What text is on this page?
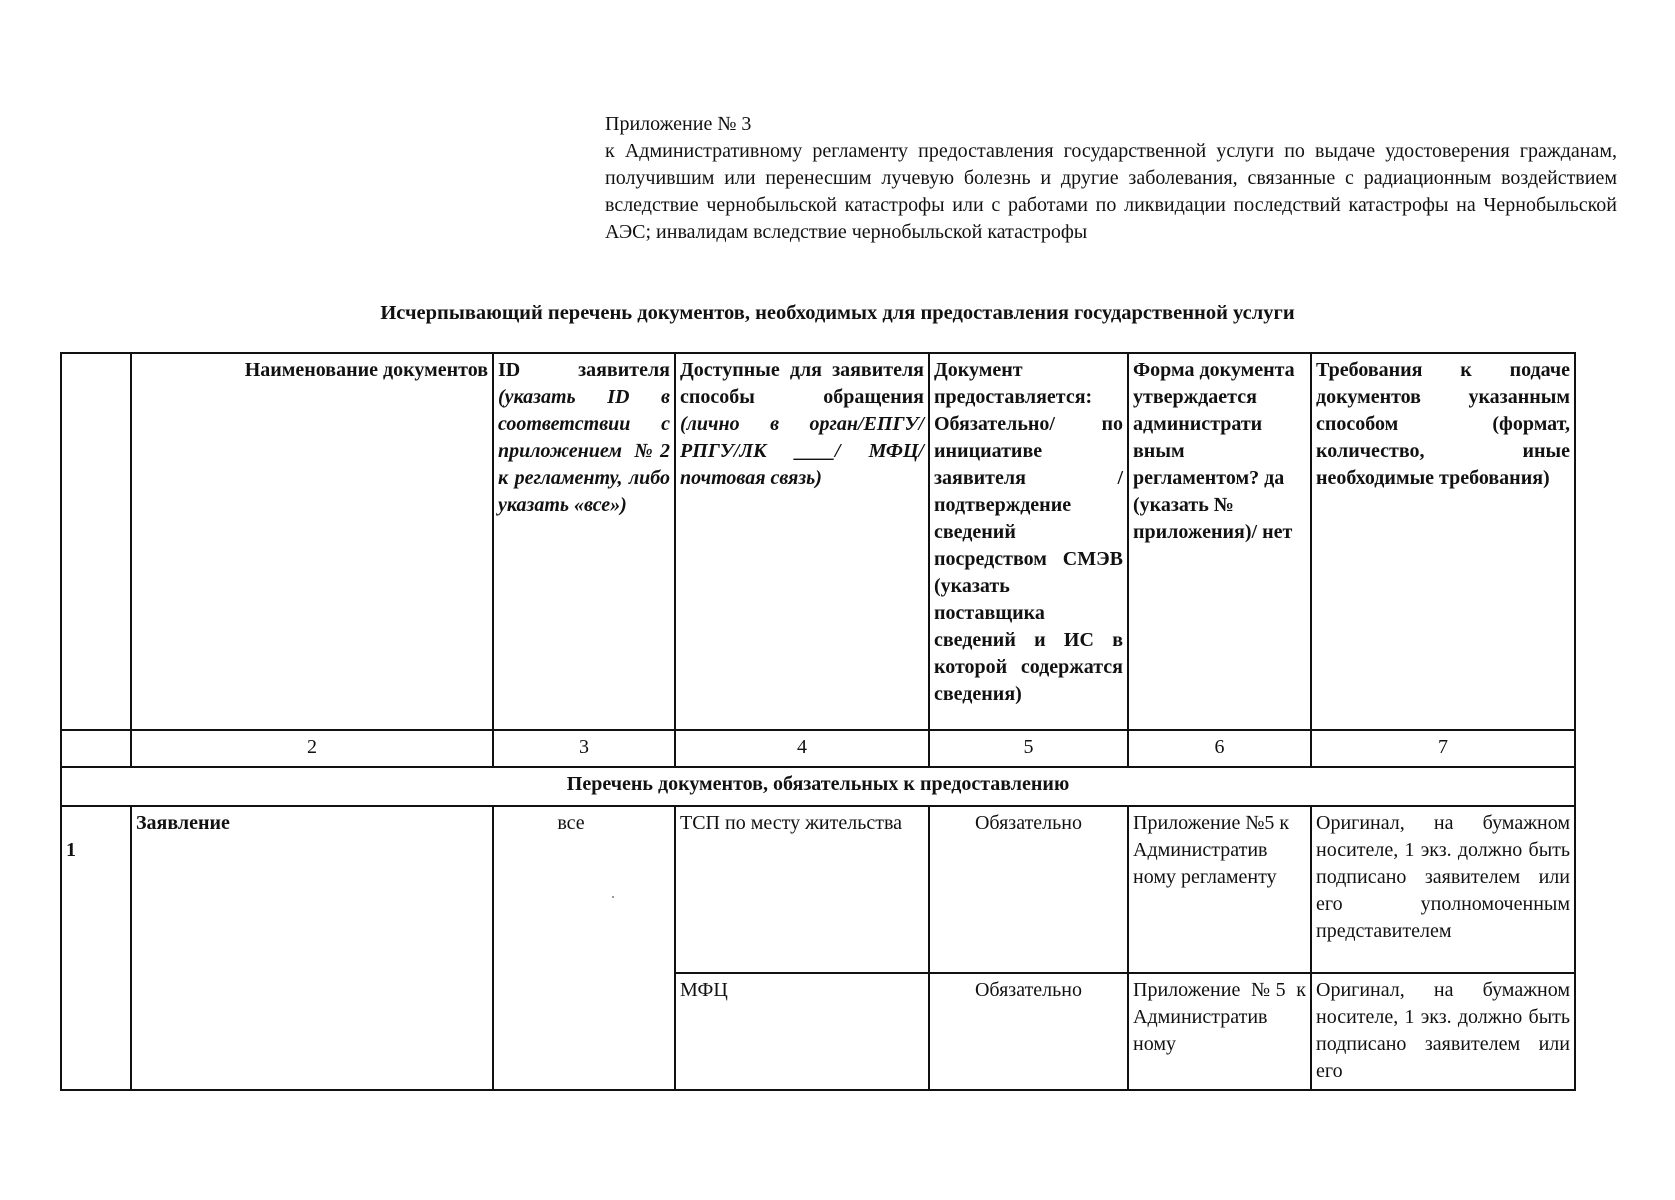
Приложение № 3
к Административному регламенту предоставления государственной услуги по выдаче удостоверения гражданам, получившим или перенесшим лучевую болезнь и другие заболевания, связанные с радиационным воздействием вследствие чернобыльской катастрофы или с работами по ликвидации последствий катастрофы на Чернобыльской АЭС; инвалидам вследствие чернобыльской катастрофы
Исчерпывающий перечень документов, необходимых для предоставления государственной услуги
	Наименование документов	ID заявителя (указать ID в соответствии с приложением №2 к регламенту, либо указать «все»)	Доступные для заявителя способы обращения (лично в орган/ЕПГУ/ РПГУ/ЛК ____/ МФЦ/ почтовая связь)	Документ предоставляется: Обязательно/ по инициативе заявителя /подтверждение сведений посредством СМЭВ (указать поставщика сведений и ИС в которой содержатся сведения)	Форма документа утверждается администрати вным регламентом? да (указать № приложения)/ нет	Требования к подаче документов указанным способом (формат, количество, иные необходимые требования)
	2	3	4	5	6	7
Перечень документов, обязательных к предоставлению						
1	Заявление	все	ТСП по месту жительства	Обязательно	Приложение №5 к Административ ному регламенту	Оригинал, на бумажном носителе, 1 экз. должно быть подписано заявителем или его уполномоченным представителем
			МФЦ	Обязательно	Приложение №5 к Административ ному	Оригинал, на бумажном носителе, 1 экз. должно быть подписано заявителем или его
